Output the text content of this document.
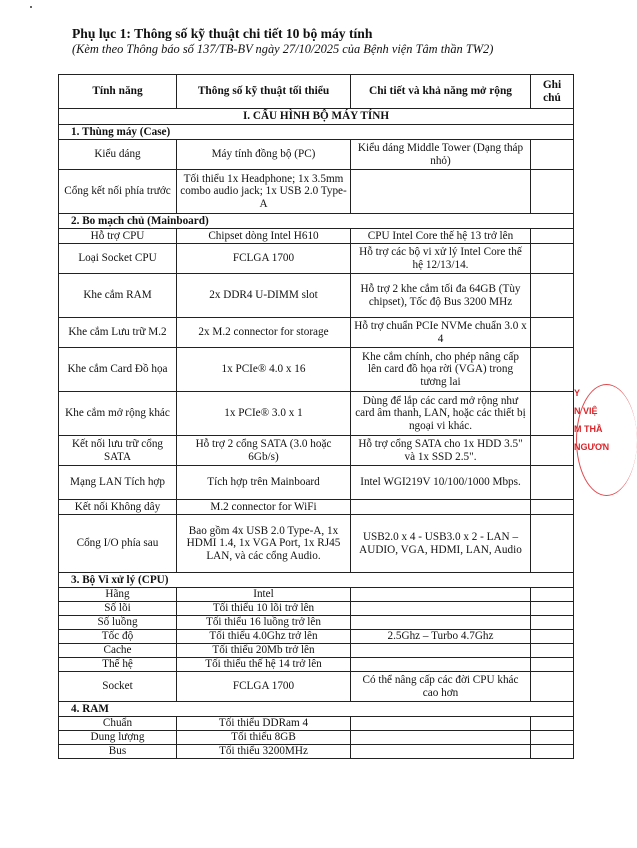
Phụ lục 1: Thông số kỹ thuật chi tiết 10 bộ máy tính
(Kèm theo Thông báo số 137/TB-BV ngày 27/10/2025 của Bệnh viện Tâm thần TW2)
Tính năng	Thông số kỹ thuật tối thiểu	Chi tiết và khả năng mở rộng	Ghi chú
I. CẤU HÌNH BỘ MÁY TÍNH			
1. Thùng máy (Case)			
Kiểu dáng	Máy tính đồng bộ (PC)	Kiểu dáng Middle Tower (Dạng tháp nhỏ)	
Cổng kết nối phía trước	Tối thiểu 1x Headphone; 1x 3.5mm combo audio jack; 1x USB 2.0 Type-A		
2. Bo mạch chủ (Mainboard)			
Hỗ trợ CPU	Chipset dòng Intel H610	CPU Intel Core thế hệ 13 trở lên	
Loại Socket CPU	FCLGA 1700	Hỗ trợ các bộ vi xử lý Intel Core thế hệ 12/13/14.	
Khe cắm RAM	2x DDR4 U-DIMM slot	Hỗ trợ 2 khe cắm tối đa 64GB (Tùy chipset), Tốc độ Bus 3200 MHz	
Khe cắm Lưu trữ M.2	2x M.2 connector for storage	Hỗ trợ chuẩn PCIe NVMe chuẩn 3.0 x 4	
Khe cắm Card Đồ họa	1x PCIe® 4.0 x 16	Khe cắm chính, cho phép nâng cấp lên card đồ họa rời (VGA) trong tương lai	
Khe cắm mở rộng khác	1x PCIe® 3.0 x 1	Dùng để lắp các card mở rộng như card âm thanh, LAN, hoặc các thiết bị ngoại vi khác.	
Kết nối lưu trữ cổng SATA	Hỗ trợ 2 cổng SATA (3.0 hoặc 6Gb/s)	Hỗ trợ cổng SATA cho 1x HDD 3.5" và 1x SSD 2.5".	
Mạng LAN Tích hợp	Tích hợp trên Mainboard	Intel WGI219V 10/100/1000 Mbps.	
Kết nối Không dây	M.2 connector for WiFi		
Cổng I/O phía sau	Bao gồm 4x USB 2.0 Type-A, 1x HDMI 1.4, 1x VGA Port, 1x RJ45 LAN, và các cổng Audio.	USB2.0 x 4 - USB3.0 x 2 - LAN – AUDIO, VGA, HDMI, LAN, Audio	
3. Bộ Vi xử lý (CPU)			
Hãng	Intel		
Số lõi	Tối thiểu 10 lõi trở lên		
Số luồng	Tối thiểu 16 luồng trở lên		
Tốc độ	Tối thiểu 4.0Ghz trở lên	2.5Ghz – Turbo 4.7Ghz	
Cache	Tối thiểu 20Mb trở lên		
Thế hệ	Tối thiểu thế hệ 14 trở lên		
Socket	FCLGA 1700	Có thể nâng cấp các đời CPU khác cao hơn	
4. RAM			
Chuẩn	Tối thiểu DDRam 4		
Dung lượng	Tối thiểu 8GB		
Bus	Tối thiểu 3200MHz		
Y
N VIỆ
M THẦ
NGƯƠN
